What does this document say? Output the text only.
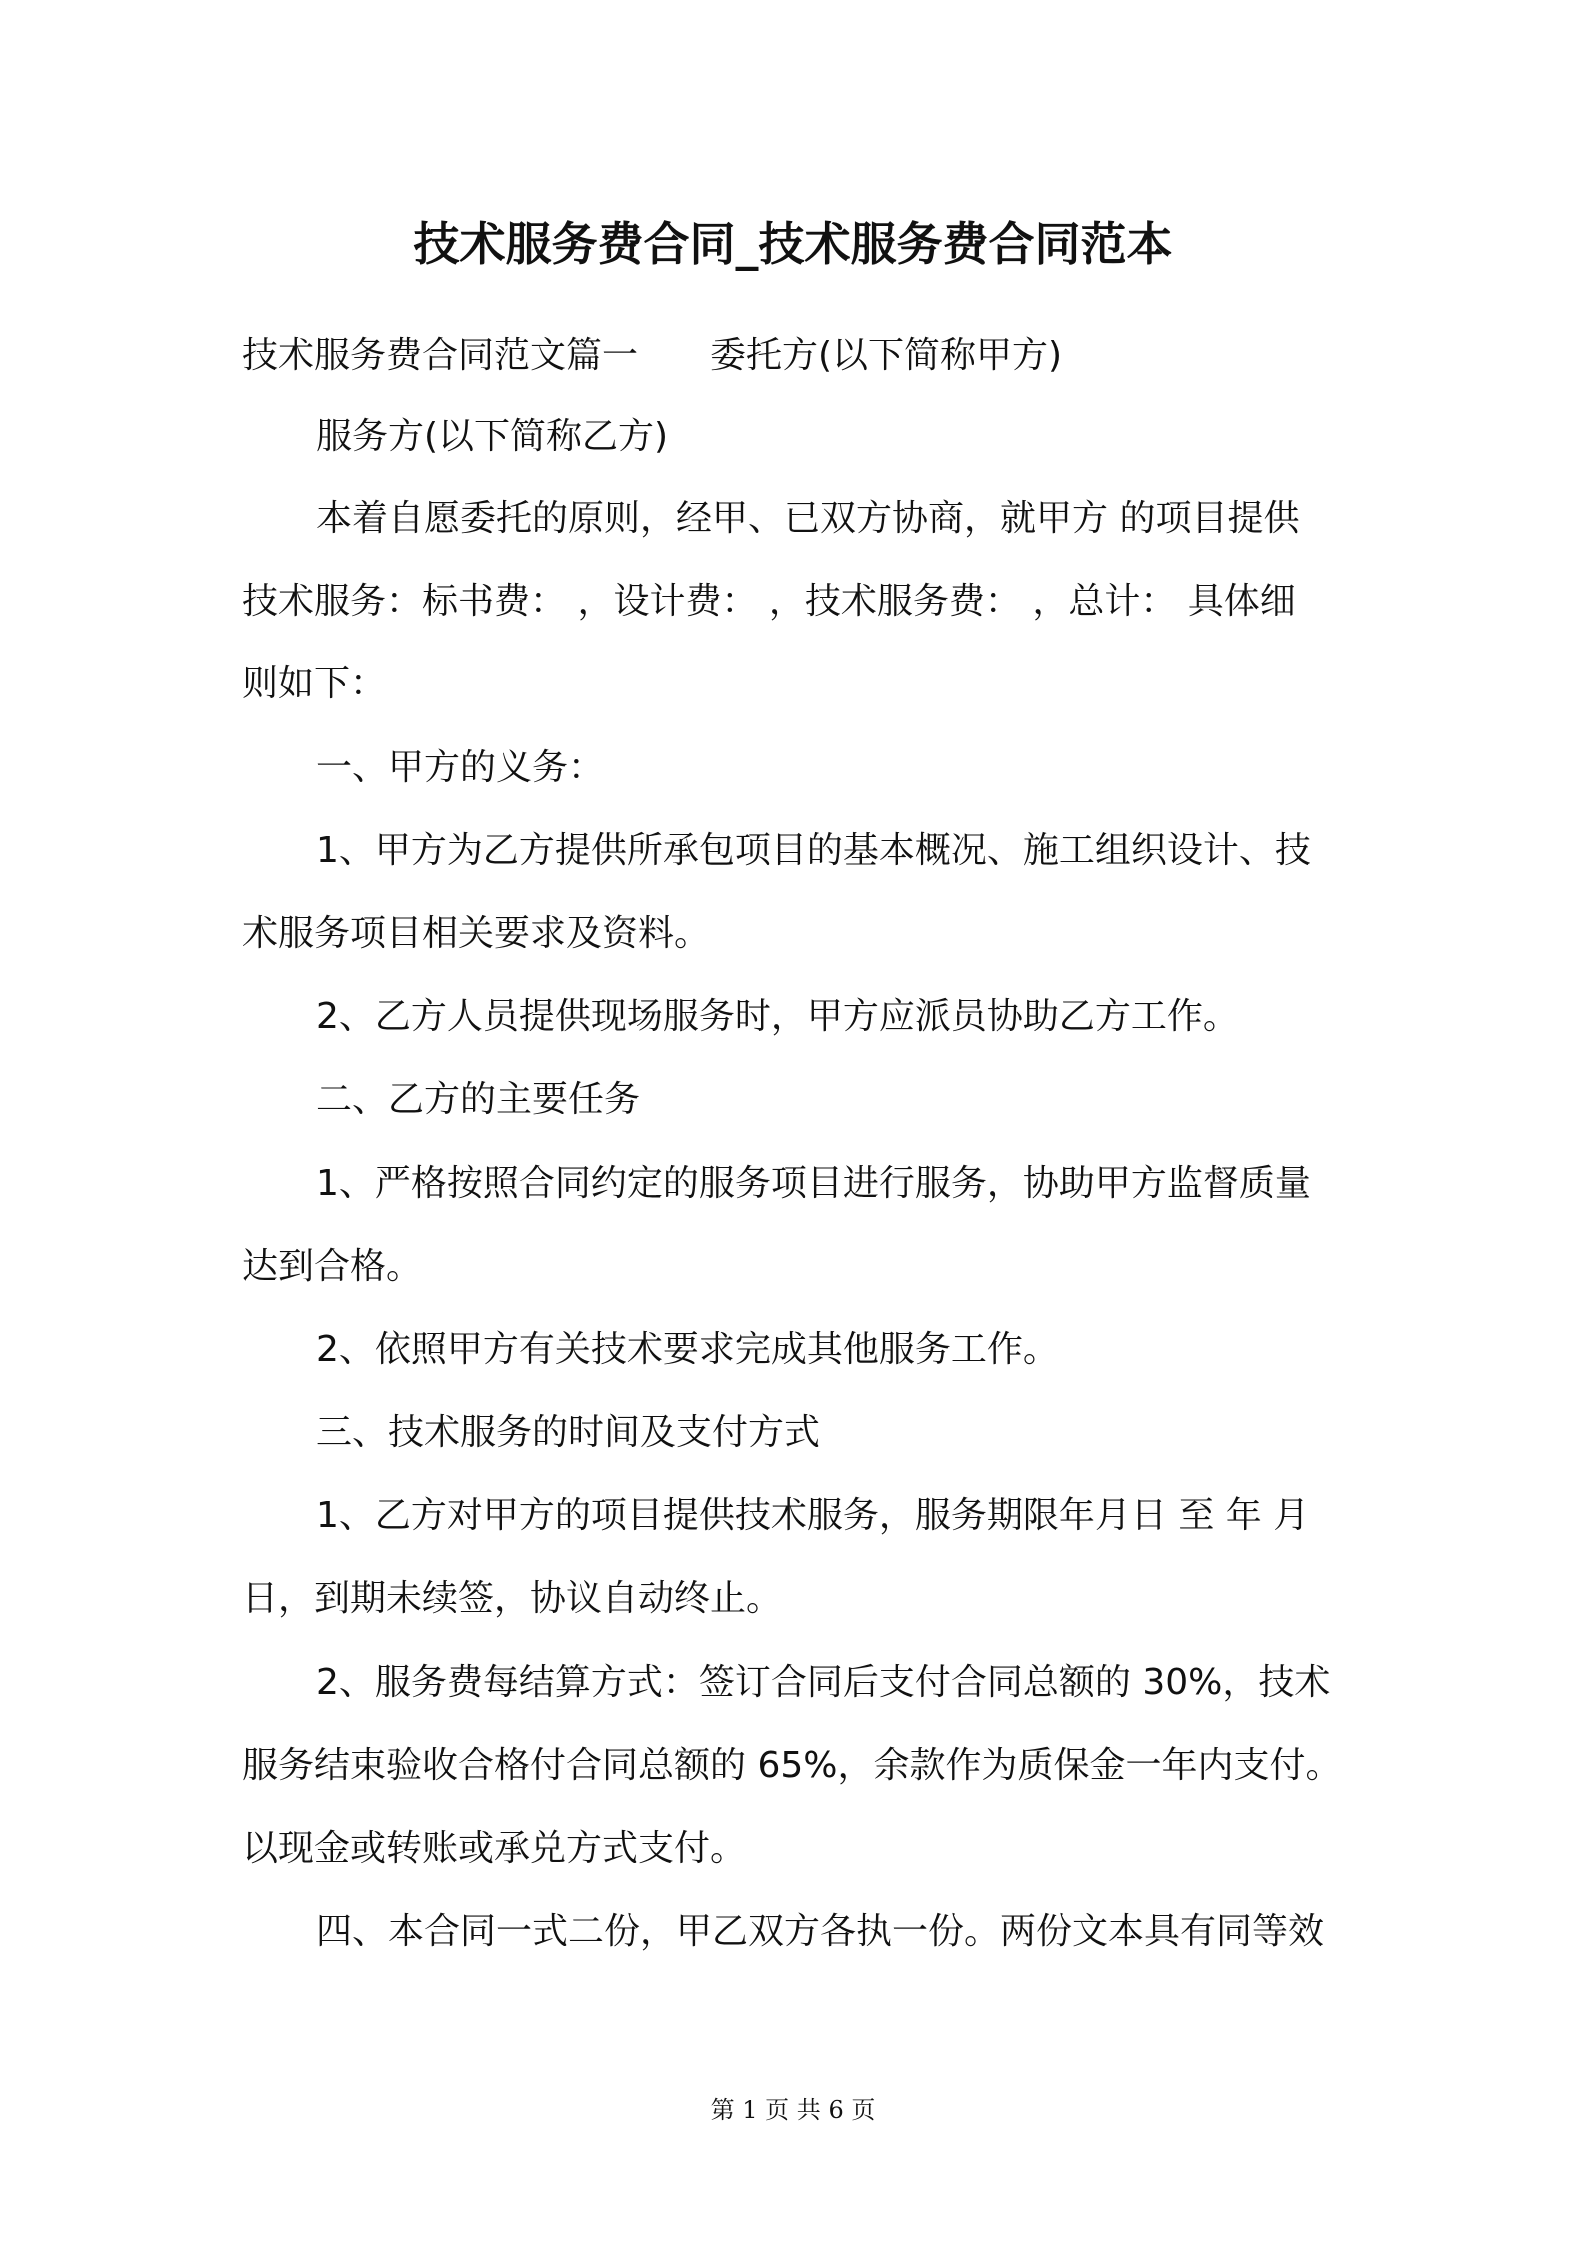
技术服务费合同_技术服务费合同范本
技术服务费合同范文篇一 委托方(以下简称甲方)
服务方(以下简称乙方)
本着自愿委托的原则，经甲、已双方协商，就甲方 的项目提供
技术服务：标书费： ，设计费： ，技术服务费： ，总计： 具体细
则如下：
一、甲方的义务：
1、甲方为乙方提供所承包项目的基本概况、施工组织设计、技
术服务项目相关要求及资料。
2、乙方人员提供现场服务时，甲方应派员协助乙方工作。
二、乙方的主要任务
1、严格按照合同约定的服务项目进行服务，协助甲方监督质量
达到合格。
2、依照甲方有关技术要求完成其他服务工作。
三、技术服务的时间及支付方式
1、乙方对甲方的项目提供技术服务，服务期限年月日 至 年 月
日，到期未续签，协议自动终止。
2、服务费每结算方式：签订合同后支付合同总额的 30%，技术
服务结束验收合格付合同总额的 65%，余款作为质保金一年内支付。
以现金或转账或承兑方式支付。
四、本合同一式二份，甲乙双方各执一份。两份文本具有同等效
第 1 页 共 6 页
